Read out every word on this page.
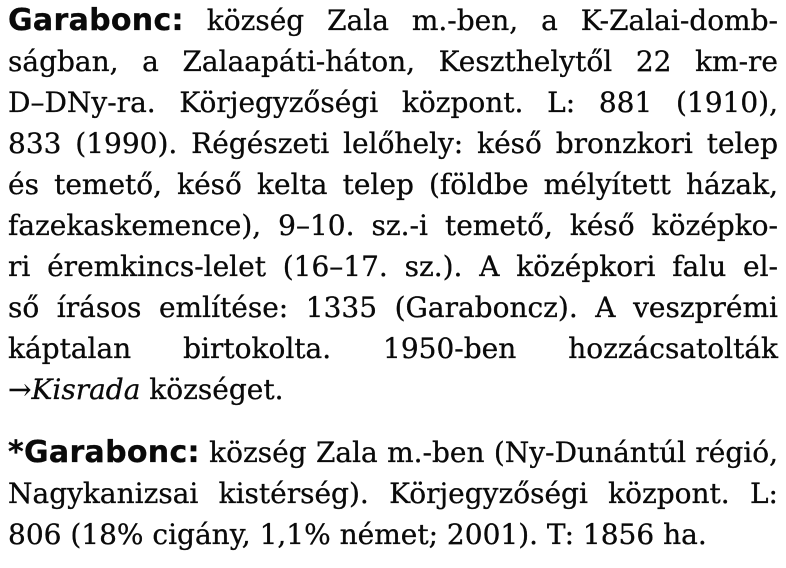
Garabonc: község Zala m.-ben, a K-Zalai-domb-
ságban, a Zalaapáti-háton, Keszthelytől 22 km-re
D–DNy-ra. Körjegyzőségi központ. L: 881 (1910),
833 (1990). Régészeti lelőhely: késő bronzkori telep
és temető, késő kelta telep (földbe mélyített házak,
fazekaskemence), 9–10. sz.-i temető, késő középko-
ri éremkincs-lelet (16–17. sz.). A középkori falu el-
ső írásos említése: 1335 (Garaboncz). A veszprémi
káptalan birtokolta. 1950-ben hozzácsatolták
→Kisrada községet.
*Garabonc: község Zala m.-ben (Ny-Dunántúl régió,
Nagykanizsai kistérség). Körjegyzőségi központ. L:
806 (18% cigány, 1,1% német; 2001). T: 1856 ha.
